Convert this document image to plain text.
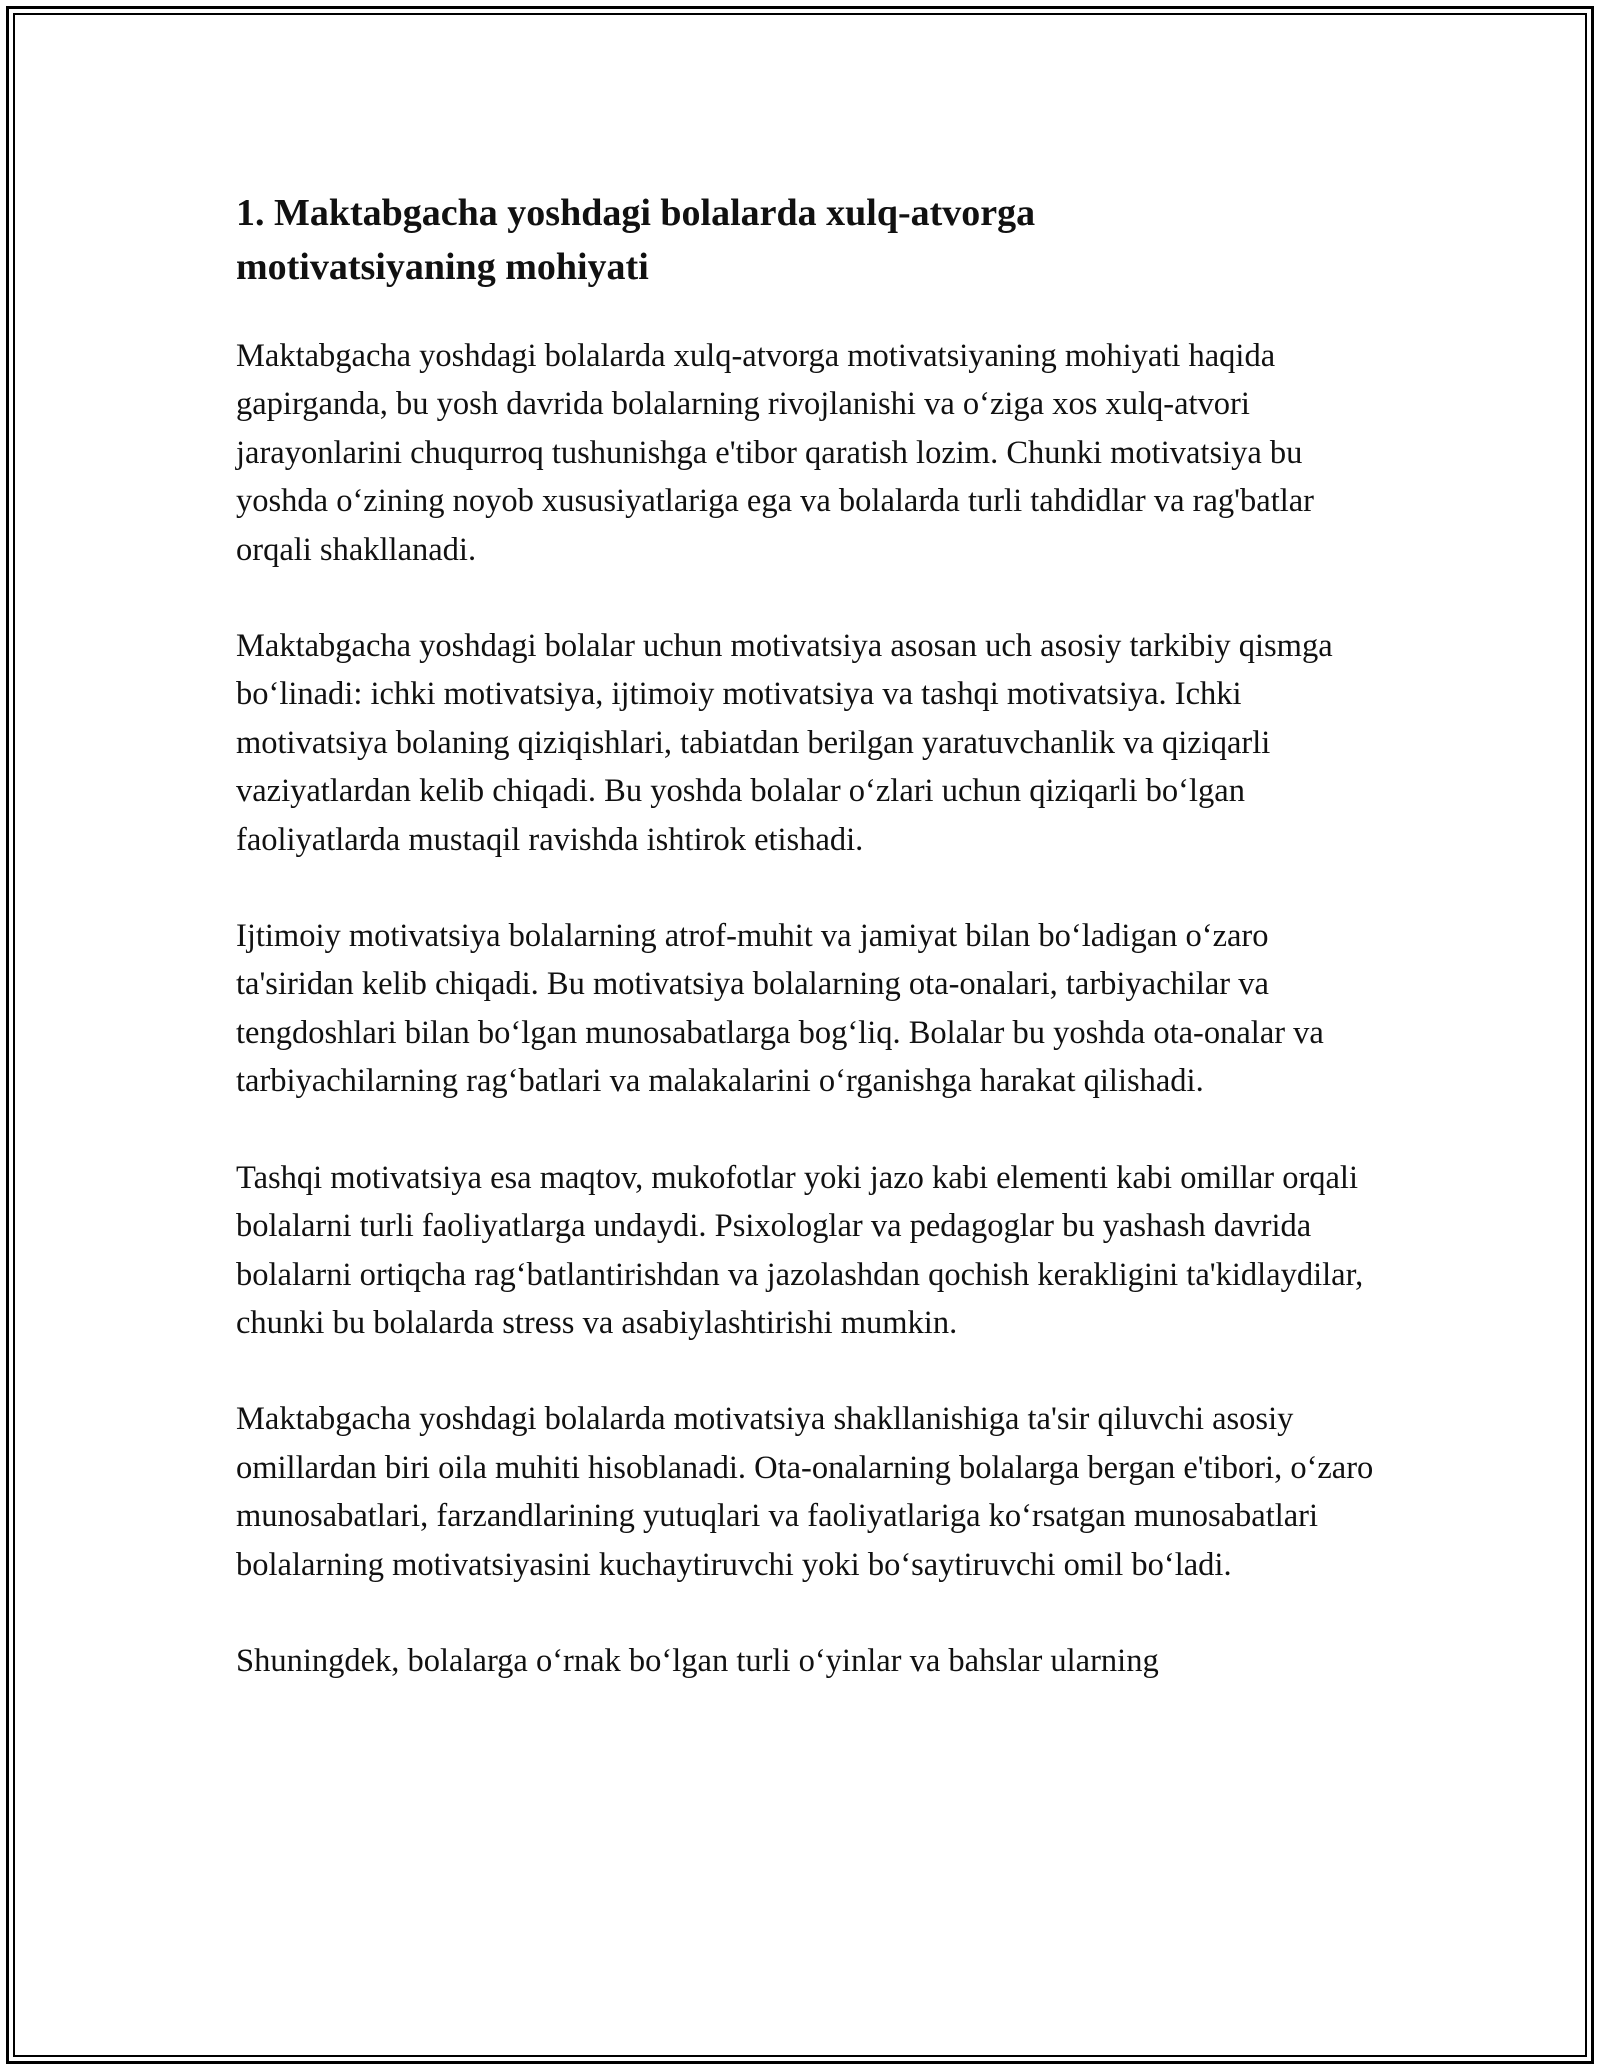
1. Maktabgacha yoshdagi bolalarda xulq-atvorga motivatsiyaning mohiyati

Maktabgacha yoshdagi bolalarda xulq-atvorga motivatsiyaning mohiyati haqida gapirganda, bu yosh davrida bolalarning rivojlanishi va o‘ziga xos xulq-atvori jarayonlarini chuqurroq tushunishga e'tibor qaratish lozim. Chunki motivatsiya bu yoshda o‘zining noyob xususiyatlariga ega va bolalarda turli tahdidlar va rag'batlar orqali shakllanadi.

Maktabgacha yoshdagi bolalar uchun motivatsiya asosan uch asosiy tarkibiy qismga bo‘linadi: ichki motivatsiya, ijtimoiy motivatsiya va tashqi motivatsiya. Ichki motivatsiya bolaning qiziqishlari, tabiatdan berilgan yaratuvchanlik va qiziqarli vaziyatlardan kelib chiqadi. Bu yoshda bolalar o‘zlari uchun qiziqarli bo‘lgan faoliyatlarda mustaqil ravishda ishtirok etishadi.

Ijtimoiy motivatsiya bolalarning atrof-muhit va jamiyat bilan bo‘ladigan o‘zaro ta'siridan kelib chiqadi. Bu motivatsiya bolalarning ota-onalari, tarbiyachilar va tengdoshlari bilan bo‘lgan munosabatlarga bog‘liq. Bolalar bu yoshda ota-onalar va tarbiyachilarning rag‘batlari va malakalarini o‘rganishga harakat qilishadi.

Tashqi motivatsiya esa maqtov, mukofotlar yoki jazo kabi elementi kabi omillar orqali bolalarni turli faoliyatlarga undaydi. Psixologlar va pedagoglar bu yashash davrida bolalarni ortiqcha rag‘batlantirishdan va jazolashdan qochish kerakligini ta'kidlaydilar, chunki bu bolalarda stress va asabiylashtirishi mumkin.

Maktabgacha yoshdagi bolalarda motivatsiya shakllanishiga ta'sir qiluvchi asosiy omillardan biri oila muhiti hisoblanadi. Ota-onalarning bolalarga bergan e'tibori, o‘zaro munosabatlari, farzandlarining yutuqlari va faoliyatlariga ko‘rsatgan munosabatlari bolalarning motivatsiyasini kuchaytiruvchi yoki bo‘saytiruvchi omil bo‘ladi.

Shuningdek, bolalarga o‘rnak bo‘lgan turli o‘yinlar va bahslar ularning
